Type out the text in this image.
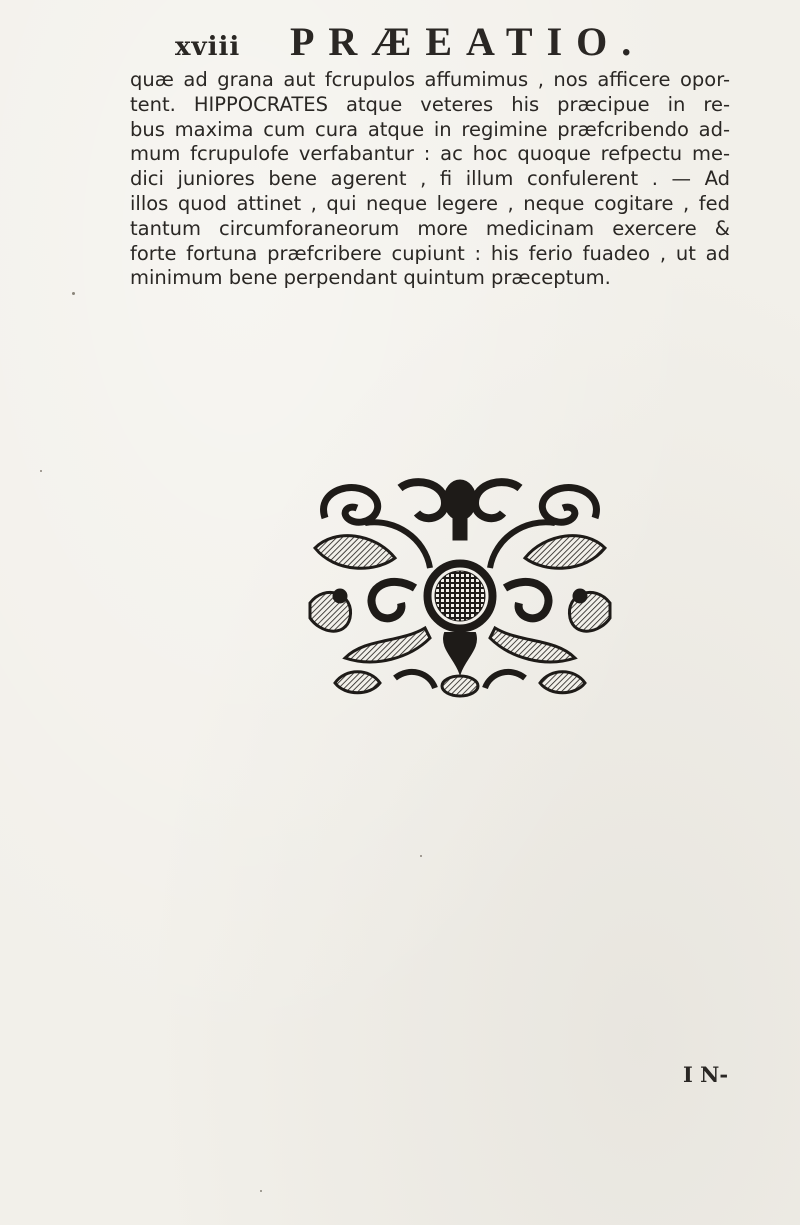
xviii	PRÆEATIO.
quæ ad grana aut fcrupulos affumimus , nos afficere opor-
tent. HIPPOCRATES atque veteres his præcipue in re-
bus maxima cum cura atque in regimine præfcribendo ad-
mum fcrupulofe verfabantur : ac hoc quoque refpectu me-
dici juniores bene agerent , fi illum confulerent . — Ad
illos quod attinet , qui neque legere , neque cogitare , fed
tantum circumforaneorum more medicinam exercere &
forte fortuna præfcribere cupiunt : his ferio fuadeo , ut ad
minimum bene perpendant quintum præceptum.
I N-
